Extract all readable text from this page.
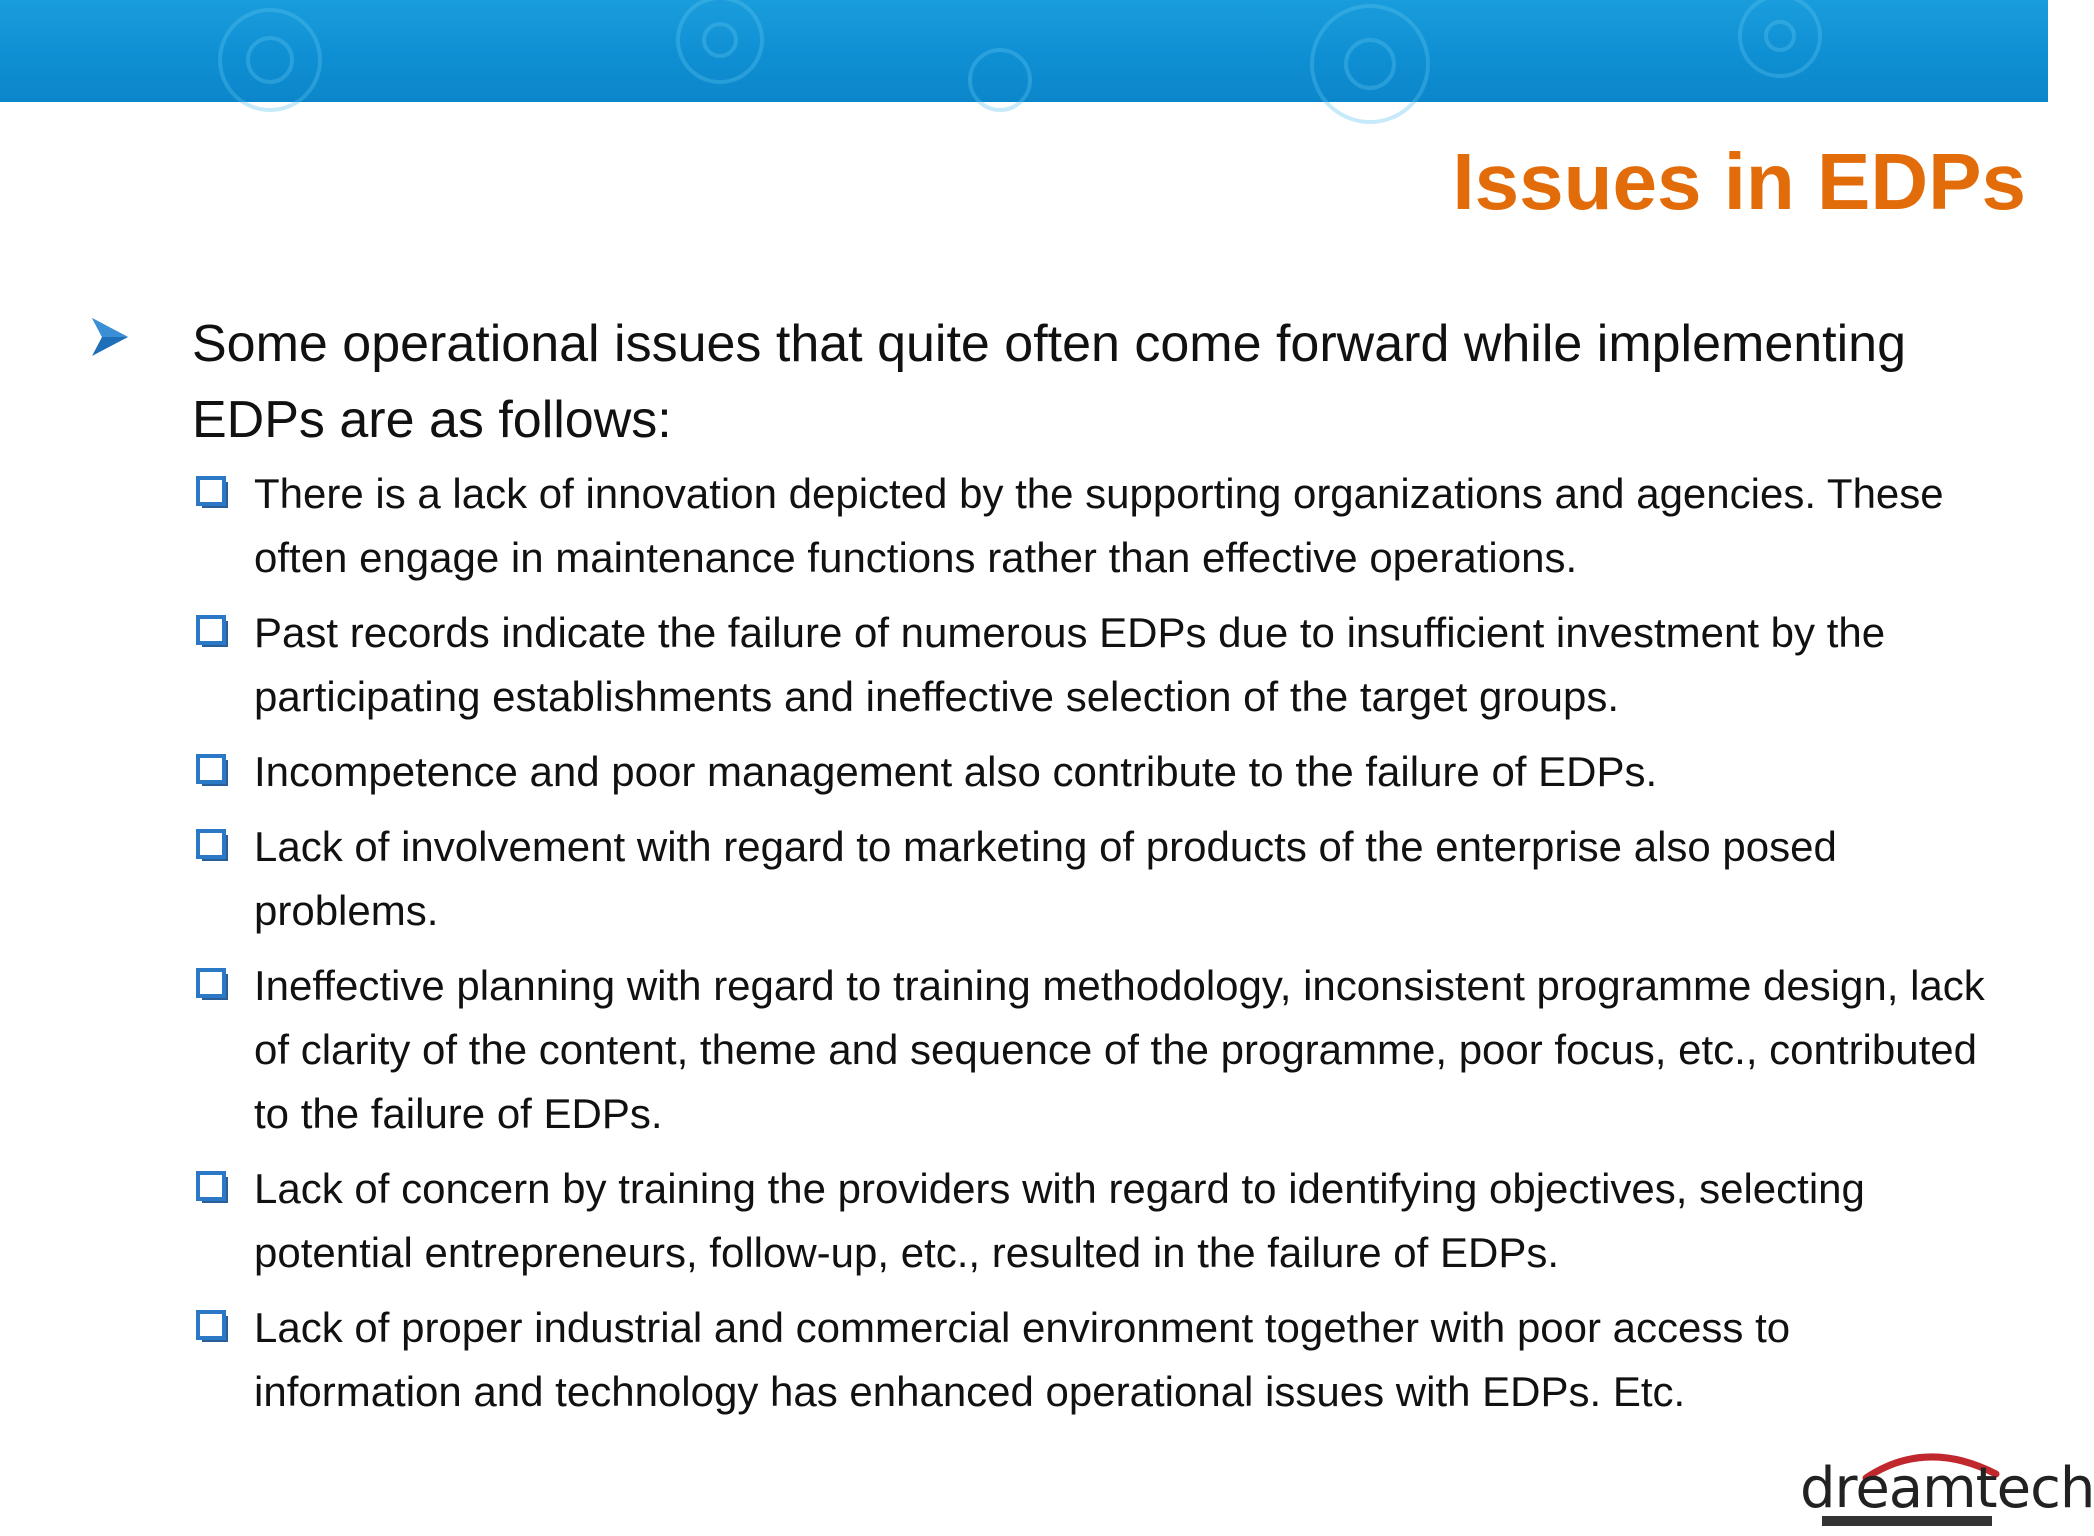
Issues in EDPs
Some operational issues that quite often come forward while implementing EDPs are as follows:
There is a lack of innovation depicted by the supporting organizations and agencies. These often engage in maintenance functions rather than effective operations.
Past records indicate the failure of numerous EDPs due to insufficient investment by the participating establishments and ineffective selection of the target groups.
Incompetence and poor management also contribute to the failure of EDPs.
Lack of involvement with regard to marketing of products of the enterprise also posed problems.
Ineffective planning with regard to training methodology, inconsistent programme design, lack of clarity of the content, theme and sequence of the programme, poor focus, etc., contributed to the failure of EDPs.
Lack of concern by training the providers with regard to identifying objectives, selecting potential entrepreneurs, follow-up, etc., resulted in the failure of EDPs.
Lack of proper industrial and commercial environment together with poor access to information and technology has enhanced operational issues with EDPs. Etc.
dreamtech
